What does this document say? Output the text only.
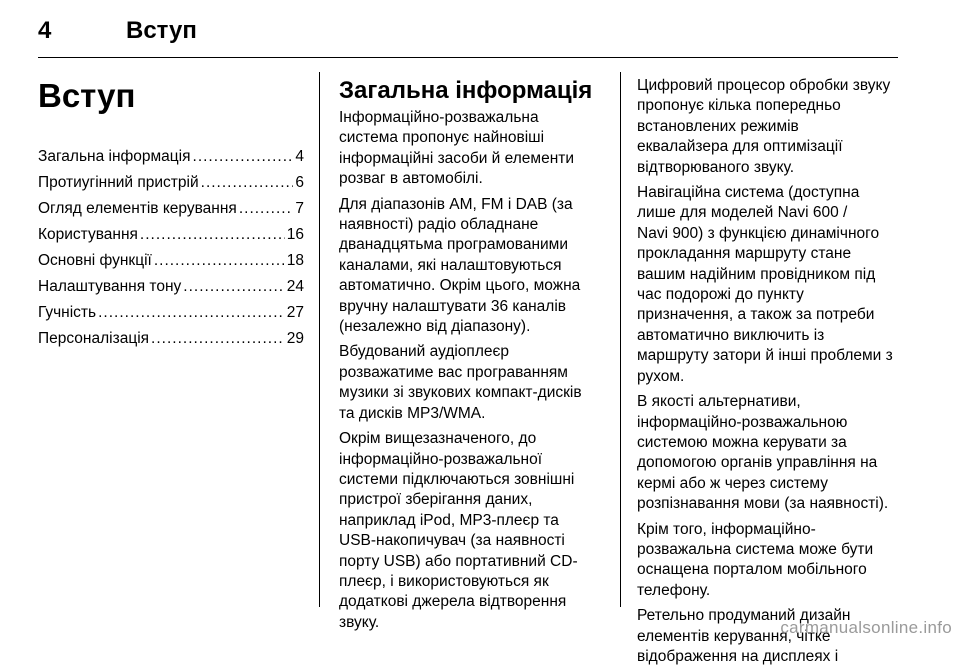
4	Вступ
Вступ
Загальна інформація .....	4
Протиугінний пристрій .....	6
Огляд елементів керування .....	7
Користування .....	16
Основні функції .....	18
Налаштування тону .....	24
Гучність .....	27
Персоналізація .....	29
Загальна інформація

Інформаційно-розважальна
система пропонує найновіші
інформаційні засоби й елементи
розваг в автомобілі.

Для діапазонів AM, FM і DAB (за
наявності) радіо обладнане
дванадцятьма програмованими
каналами, які налаштовуються
автоматично. Окрім цього, можна
вручну налаштувати 36 каналів
(незалежно від діапазону).

Вбудований аудіоплеєр
розважатиме вас програванням
музики зі звукових компакт-дисків
та дисків MP3/WMA.

Окрім вищезазначеного, до
інформаційно-розважальної
системи підключаються зовнішні
пристрої зберігання даних,
наприклад iPod, MP3-плеєр та
USB-накопичувач (за наявності
порту USB) або портативний CD-
плеєр, і використовуються як
додаткові джерела відтворення
звуку.

Цифровий процесор обробки звуку
пропонує кілька попередньо
встановлених режимів
еквалайзера для оптимізації
відтворюваного звуку.

Навігаційна система (доступна
лише для моделей Navi 600 /
Navi 900) з функцією динамічного
прокладання маршруту стане
вашим надійним провідником під
час подорожі до пункту
призначення, а також за потреби
автоматично виключить із
маршруту затори й інші проблеми з
рухом.

В якості альтернативи,
інформаційно-розважальною
системою можна керувати за
допомогою органів управління на
кермі або ж через систему
розпізнавання мови (за наявності).

Крім того, інформаційно-
розважальна система може бути
оснащена порталом мобільного
телефону.

Ретельно продуманий дизайн
елементів керування, чітке
відображення на дисплеях і

carmanualsonline.info
